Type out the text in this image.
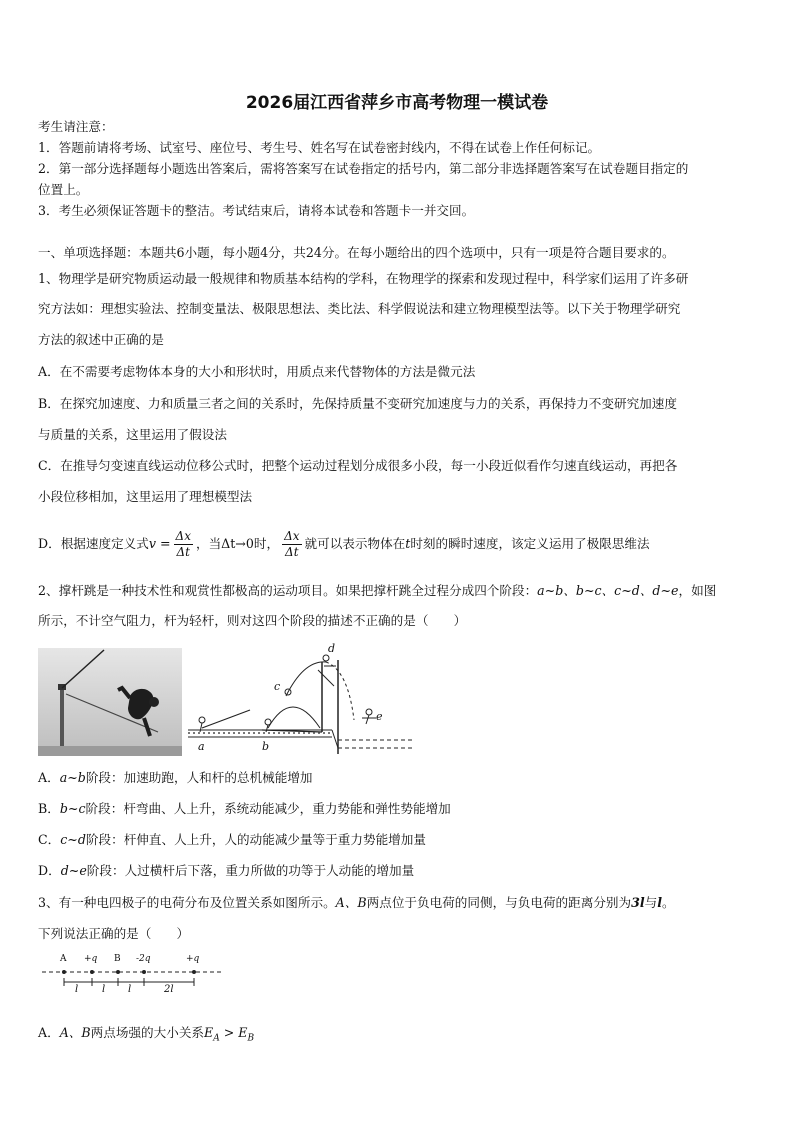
2026届江西省萍乡市高考物理一模试卷
考生请注意：
1．答题前请将考场、试室号、座位号、考生号、姓名写在试卷密封线内，不得在试卷上作任何标记。
2．第一部分选择题每小题选出答案后，需将答案写在试卷指定的括号内，第二部分非选择题答案写在试卷题目指定的
位置上。
3．考生必须保证答题卡的整洁。考试结束后，请将本试卷和答题卡一并交回。
一、单项选择题：本题共6小题，每小题4分，共24分。在每小题给出的四个选项中，只有一项是符合题目要求的。
1、物理学是研究物质运动最一般规律和物质基本结构的学科，在物理学的探索和发现过程中，科学家们运用了许多研
究方法如：理想实验法、控制变量法、极限思想法、类比法、科学假说法和建立物理模型法等。以下关于物理学研究
方法的叙述中正确的是
A．在不需要考虑物体本身的大小和形状时，用质点来代替物体的方法是微元法
B．在探究加速度、力和质量三者之间的关系时，先保持质量不变研究加速度与力的关系，再保持力不变研究加速度
与质量的关系，这里运用了假设法
C．在推导匀变速直线运动位移公式时，把整个运动过程划分成很多小段，每一小段近似看作匀速直线运动，再把各
小段位移相加，这里运用了理想模型法
D．根据速度定义式$v = \frac{\Delta x}{\Delta t}$ ，当Δt→0时， $\frac{\Delta x}{\Delta t}$ 就可以表示物体在t时刻的瞬时速度，该定义运用了极限思维法
2、撑杆跳是一种技术性和观赏性都极高的运动项目。如果把撑杆跳全过程分成四个阶段：a~b、b~c、c~d、d~e，如图
所示，不计空气阻力，杆为轻杆，则对这四个阶段的描述不正确的是（　　）
a	b
c
d
e
A．a~b阶段：加速助跑，人和杆的总机械能增加
B．b~c阶段：杆弯曲、人上升，系统动能减少，重力势能和弹性势能增加
C．c~d阶段：杆伸直、人上升，人的动能减少量等于重力势能增加量
D．d~e阶段：人过横杆后下落，重力所做的功等于人动能的增加量
3、有一种电四极子的电荷分布及位置关系如图所示。A、B两点位于负电荷的同侧，与负电荷的距离分别为3l与l。
下列说法正确的是（　　）
A +q B -2q	+q
l l l	2l
A．A、B两点场强的大小关系$E_A > E_B$
